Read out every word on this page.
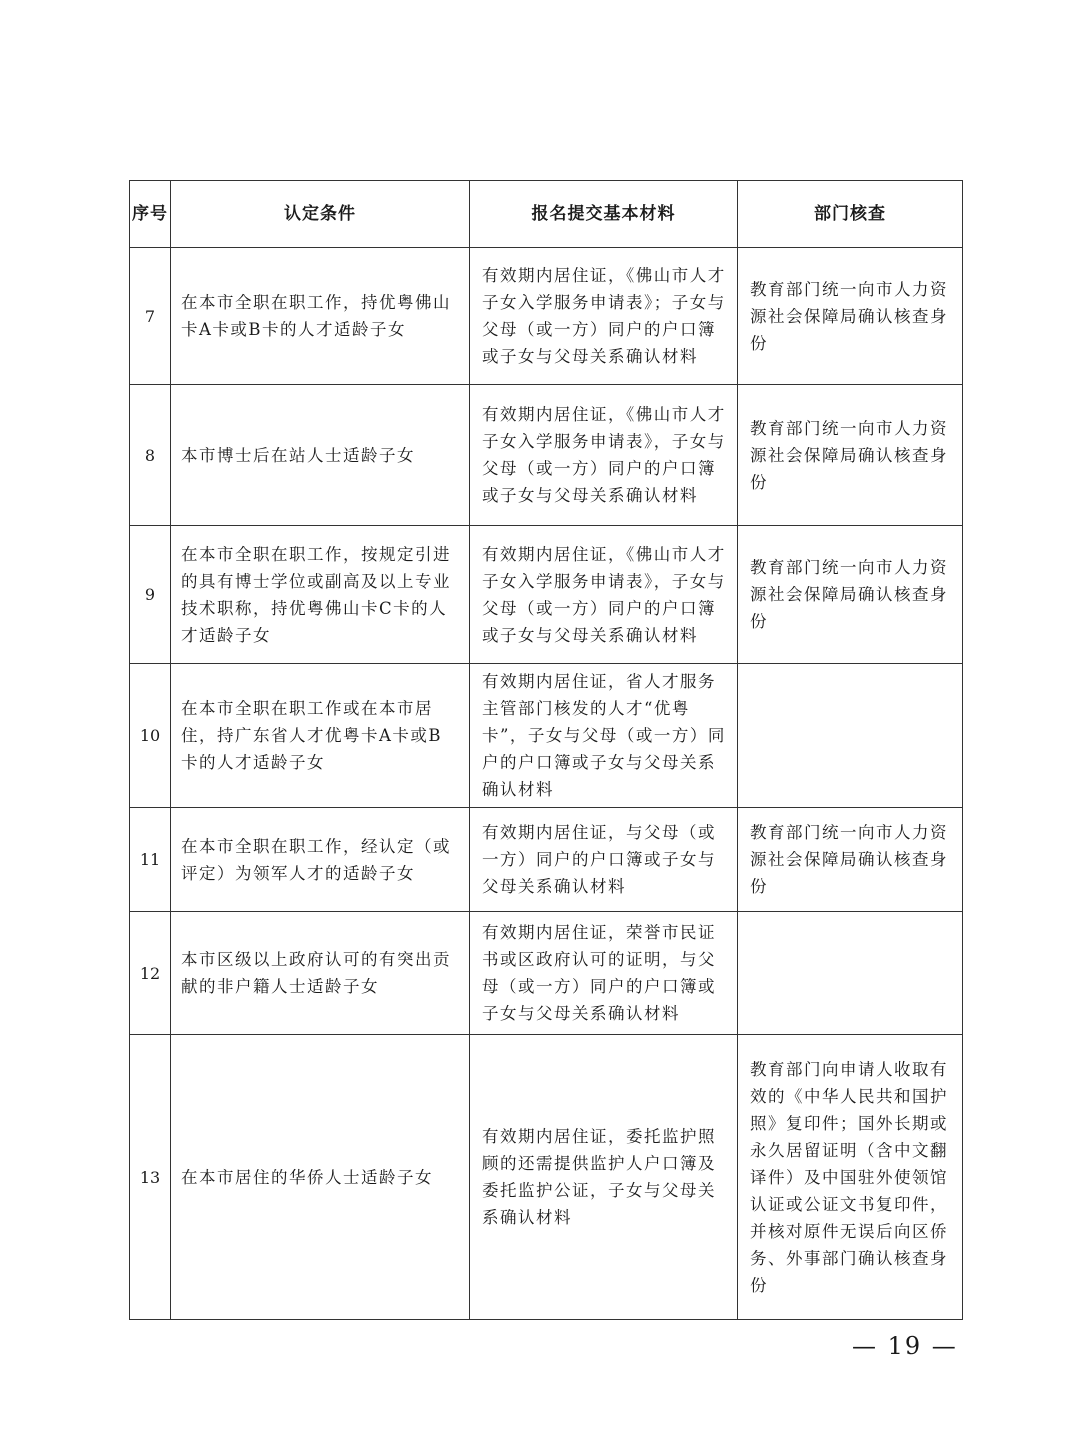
序号	认定条件	报名提交基本材料	部门核查
7	在本市全职在职工作，持优粤佛山卡A卡或B卡的人才适龄子女	有效期内居住证，《佛山市人才子女入学服务申请表》；子女与父母（或一方）同户的户口簿或子女与父母关系确认材料	教育部门统一向市人力资源社会保障局确认核查身份
8	本市博士后在站人士适龄子女	有效期内居住证，《佛山市人才子女入学服务申请表》，子女与父母（或一方）同户的户口簿或子女与父母关系确认材料	教育部门统一向市人力资源社会保障局确认核查身份
9	在本市全职在职工作，按规定引进的具有博士学位或副高及以上专业技术职称，持优粤佛山卡C卡的人才适龄子女	有效期内居住证，《佛山市人才子女入学服务申请表》，子女与父母（或一方）同户的户口簿或子女与父母关系确认材料	教育部门统一向市人力资源社会保障局确认核查身份
10	在本市全职在职工作或在本市居住，持广东省人才优粤卡A卡或B卡的人才适龄子女	有效期内居住证，省人才服务主管部门核发的人才“优粤卡”，子女与父母（或一方）同户的户口簿或子女与父母关系确认材料	
11	在本市全职在职工作，经认定（或评定）为领军人才的适龄子女	有效期内居住证，与父母（或一方）同户的户口簿或子女与父母关系确认材料	教育部门统一向市人力资源社会保障局确认核查身份
12	本市区级以上政府认可的有突出贡献的非户籍人士适龄子女	有效期内居住证，荣誉市民证书或区政府认可的证明，与父母（或一方）同户的户口簿或子女与父母关系确认材料	
13	在本市居住的华侨人士适龄子女	有效期内居住证，委托监护照顾的还需提供监护人户口簿及委托监护公证，子女与父母关系确认材料	教育部门向申请人收取有效的《中华人民共和国护照》复印件；国外长期或永久居留证明（含中文翻译件）及中国驻外使领馆认证或公证文书复印件，并核对原件无误后向区侨务、外事部门确认核查身份
— 19 —
